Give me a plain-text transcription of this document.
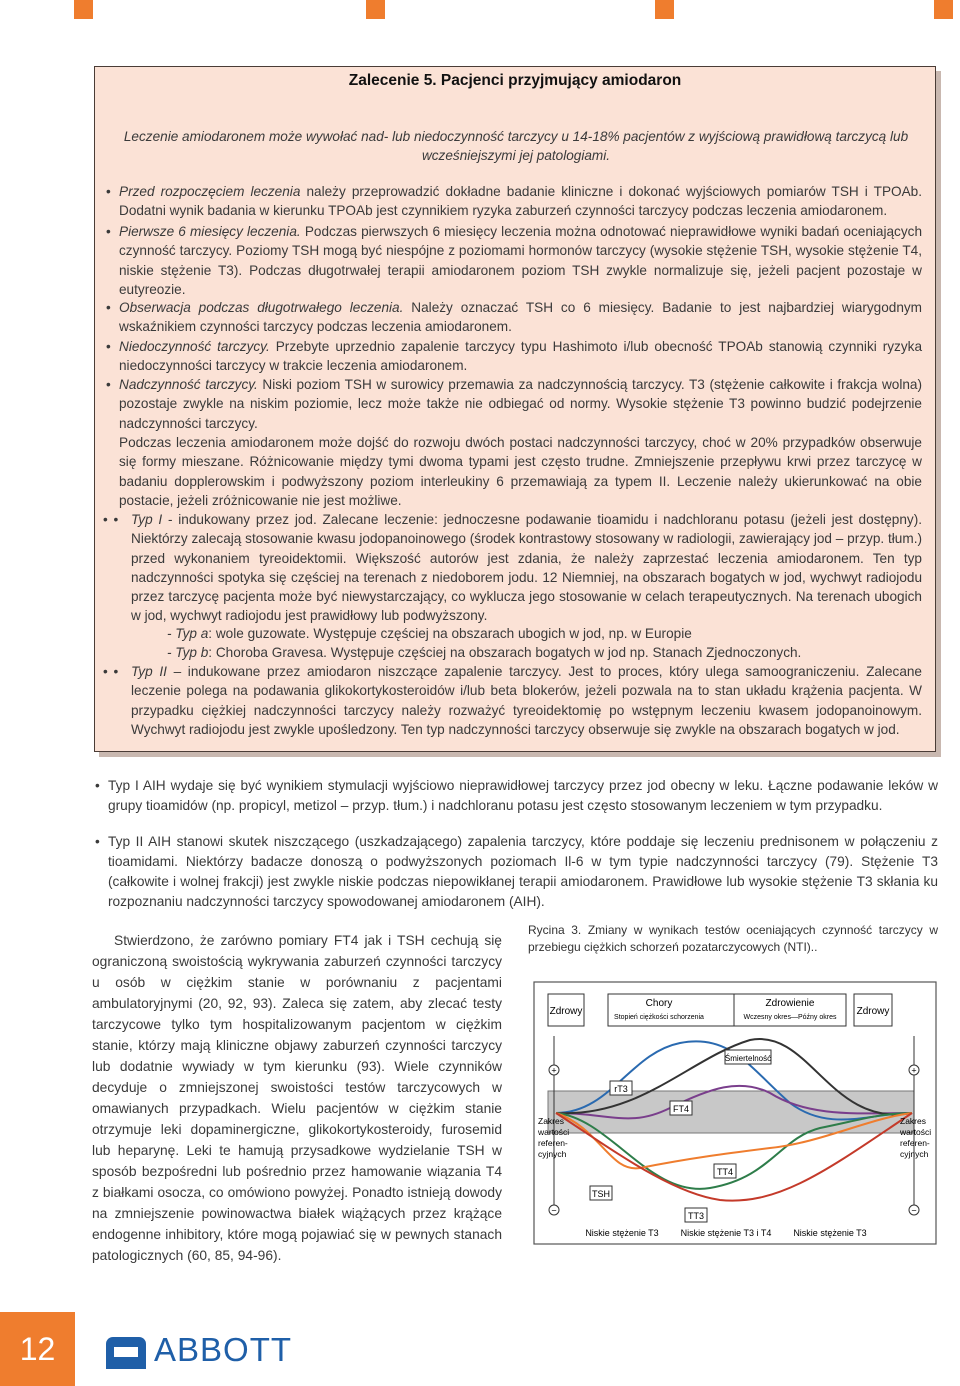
Zalecenie 5. Pacjenci przyjmujący amiodaron
Leczenie amiodaronem może wywołać nad- lub niedoczynność tarczycy u 14-18% pacjentów z wyjściową prawidłową tarczycą lub wcześniejszymi jej patologiami.
• Przed rozpoczęciem leczenia należy przeprowadzić dokładne badanie kliniczne i dokonać wyjściowych pomiarów TSH i TPOAb. Dodatni wynik badania w kierunku TPOAb jest czynnikiem ryzyka zaburzeń czynności tarczycy podczas leczenia amiodaronem.
• Pierwsze 6 miesięcy leczenia. Podczas pierwszych 6 miesięcy leczenia można odnotować nieprawidłowe wyniki badań oceniających czynność tarczycy. Poziomy TSH mogą być niespójne z poziomami hormonów tarczycy (wysokie stężenie TSH, wysokie stężenie T4, niskie stężenie T3). Podczas długotrwałej terapii amiodaronem poziom TSH zwykle normalizuje się, jeżeli pacjent pozostaje w eutyreozie.
• Obserwacja podczas długotrwałego leczenia. Należy oznaczać TSH co 6 miesięcy. Badanie to jest najbardziej wiarygodnym wskaźnikiem czynności tarczycy podczas leczenia amiodaronem.
• Niedoczynność tarczycy. Przebyte uprzednio zapalenie tarczycy typu Hashimoto i/lub obecność TPOAb stanowią czynniki ryzyka niedoczynności tarczycy w trakcie leczenia amiodaronem.
• Nadczynność tarczycy. Niski poziom TSH w surowicy przemawia za nadczynnością tarczycy. T3 (stężenie całkowite i frakcja wolna) pozostaje zwykle na niskim poziomie, lecz może także nie odbiegać od normy. Wysokie stężenie T3 powinno budzić podejrzenie nadczynności tarczycy.
Podczas leczenia amiodaronem może dojść do rozwoju dwóch postaci nadczynności tarczycy, choć w 20% przypadków obserwuje się formy mieszane. Różnicowanie między tymi dwoma typami jest często trudne. Zmniejszenie przepływu krwi przez tarczycę w badaniu dopplerowskim i podwyższony poziom interleukiny 6 przemawiają za typem II. Leczenie należy ukierunkować na obie postacie, jeżeli zróżnicowanie nie jest możliwe.
• • Typ I - indukowany przez jod. Zalecane leczenie: jednoczesne podawanie tioamidu i nadchloranu potasu (jeżeli jest dostępny). Niektórzy zalecają stosowanie kwasu jodopanoinowego (środek kontrastowy stosowany w radiologii, zawierający jod – przyp. tłum.) przed wykonaniem tyreoidektomii. Większość autorów jest zdania, że należy zaprzestać leczenia amiodaronem. Ten typ nadczynności spotyka się częściej na terenach z niedoborem jodu. 12 Niemniej, na obszarach bogatych w jod, wychwyt radiojodu przez tarczycę pacjenta może być niewystarczający, co wyklucza jego stosowanie w celach terapeutycznych. Na terenach ubogich w jod, wychwyt radiojodu jest prawidłowy lub podwyższony.
- Typ a: wole guzowate. Występuje częściej na obszarach ubogich w jod, np. w Europie
- Typ b: Choroba Gravesa. Występuje częściej na obszarach bogatych w jod np. Stanach Zjednoczonych.
• • Typ II – indukowane przez amiodaron niszczące zapalenie tarczycy. Jest to proces, który ulega samoograniczeniu. Zalecane leczenie polega na podawania glikokortykosteroidów i/lub beta blokerów, jeżeli pozwala na to stan układu krążenia pacjenta. W przypadku ciężkiej nadczynności tarczycy należy rozważyć tyreoidektomię po wstępnym leczeniu kwasem jodopanoinowym. Wychwyt radiojodu jest zwykle upośledzony. Ten typ nadczynności tarczycy obserwuje się zwykle na obszarach bogatych w jod.
• Typ I AIH wydaje się być wynikiem stymulacji wyjściowo nieprawidłowej tarczycy przez jod obecny w leku. Łączne podawanie leków w grupy tioamidów (np. propicyl, metizol – przyp. tłum.) i nadchloranu potasu jest często stosowanym leczeniem w tym przypadku.
• Typ II AIH stanowi skutek niszczącego (uszkadzającego) zapalenia tarczycy, które poddaje się leczeniu prednisonem w połączeniu z tioamidami. Niektórzy badacze donoszą o podwyższonych poziomach Il-6 w tym typie nadczynności tarczycy (79). Stężenie T3 (całkowite i wolnej frakcji) jest zwykle niskie podczas niepowikłanej terapii amiodaronem. Prawidłowe lub wysokie stężenie T3 skłania ku rozpoznaniu nadczynności tarczycy spowodowanej amiodaronem (AIH).
Stwierdzono, że zarówno pomiary FT4 jak i TSH cechują się ograniczoną swoistością wykrywania zaburzeń czynności tarczycy u osób w ciężkim stanie w porównaniu z pacjentami ambulatoryjnymi (20, 92, 93). Zaleca się zatem, aby zlecać testy tarczycowe tylko tym hospitalizowanym pacjentom w ciężkim stanie, którzy mają kliniczne objawy zaburzeń czynności tarczycy lub dodatnie wywiady w tym kierunku (93). Wiele czynników decyduje o zmniejszonej swoistości testów tarczycowych w omawianych przypadkach. Wielu pacjentów w ciężkim stanie otrzymuje leki dopaminergiczne, glikokortykosteroidy, furosemid lub heparynę. Leki te hamują przysadkowe wydzielanie TSH w sposób bezpośredni lub pośrednio przez hamowanie wiązania T4 z białkami osocza, co omówiono powyżej. Ponadto istnieją dowody na zmniejszenie powinowactwa białek wiążących przez krążące endogenne inhibitory, które mogą pojawiać się w pewnych stanach patologicznych (60, 85, 94-96).
Rycina 3. Zmiany w wynikach testów oceniających czynność tarczycy w przebiegu ciężkich schorzeń pozatarczycowych (NTI)..
Zdrowy
Chory
Stopień ciężkości schorzenia
Zdrowienie
Wczesny okres—Późny okres
Zdrowy
+
−
+
−
rT3
FT4
Śmiertelność
TT4
TSH
TT3
Zakres wartości referen-cyjnych
Zakres wartości referen-cyjnych
Niskie stężenie T3 Niskie stężenie T3 i T4 Niskie stężenie T3
12	ABBOTT
